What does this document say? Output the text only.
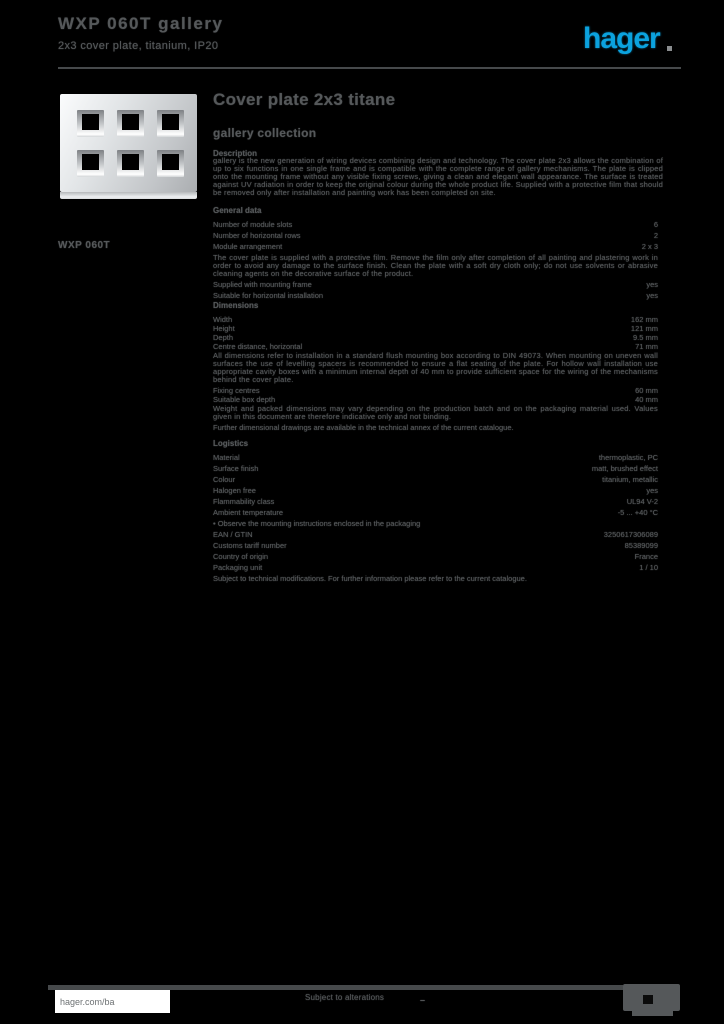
WXP 060T gallery
2x3 cover plate, titanium, IP20	hager
WXP 060T
Cover plate 2x3 titane
gallery collection
Description
gallery is the new generation of wiring devices combining design and technology. The cover plate 2x3 allows the combination of up to six functions in one single frame and is compatible with the complete range of gallery mechanisms. The plate is clipped onto the mounting frame without any visible fixing screws, giving a clean and elegant wall appearance. The surface is treated against UV radiation in order to keep the original colour during the whole product life. Supplied with a protective film that should be removed only after installation and painting work has been completed on site.
General data
Number of module slots	6
Number of horizontal rows	2
Module arrangement	2 x 3
The cover plate is supplied with a protective film. Remove the film only after completion of all painting and plastering work in order to avoid any damage to the surface finish. Clean the plate with a soft dry cloth only; do not use solvents or abrasive cleaning agents on the decorative surface of the product.
Supplied with mounting frame	yes
Suitable for horizontal installation	yes
Dimensions
Width	162 mm
Height	121 mm
Depth	9.5 mm
Centre distance, horizontal	71 mm
All dimensions refer to installation in a standard flush mounting box according to DIN 49073. When mounting on uneven wall surfaces the use of levelling spacers is recommended to ensure a flat seating of the plate. For hollow wall installation use appropriate cavity boxes with a minimum internal depth of 40 mm to provide sufficient space for the wiring of the mechanisms behind the cover plate.
Fixing centres	60 mm
Suitable box depth	40 mm
Weight and packed dimensions may vary depending on the production batch and on the packaging material used. Values given in this document are therefore indicative only and not binding.
Further dimensional drawings are available in the technical annex of the current catalogue.
Logistics
Material	thermoplastic, PC
Surface finish	matt, brushed effect
Colour	titanium, metallic
Halogen free	yes
Flammability class	UL94 V-2
Ambient temperature	-5 ... +40 °C
• Observe the mounting instructions enclosed in the packaging
EAN / GTIN	3250617306089
Customs tariff number	85389099
Country of origin	France
Packaging unit	1 / 10
Subject to technical modifications. For further information please refer to the current catalogue.
hager.com/ba	Subject to alterations	–
